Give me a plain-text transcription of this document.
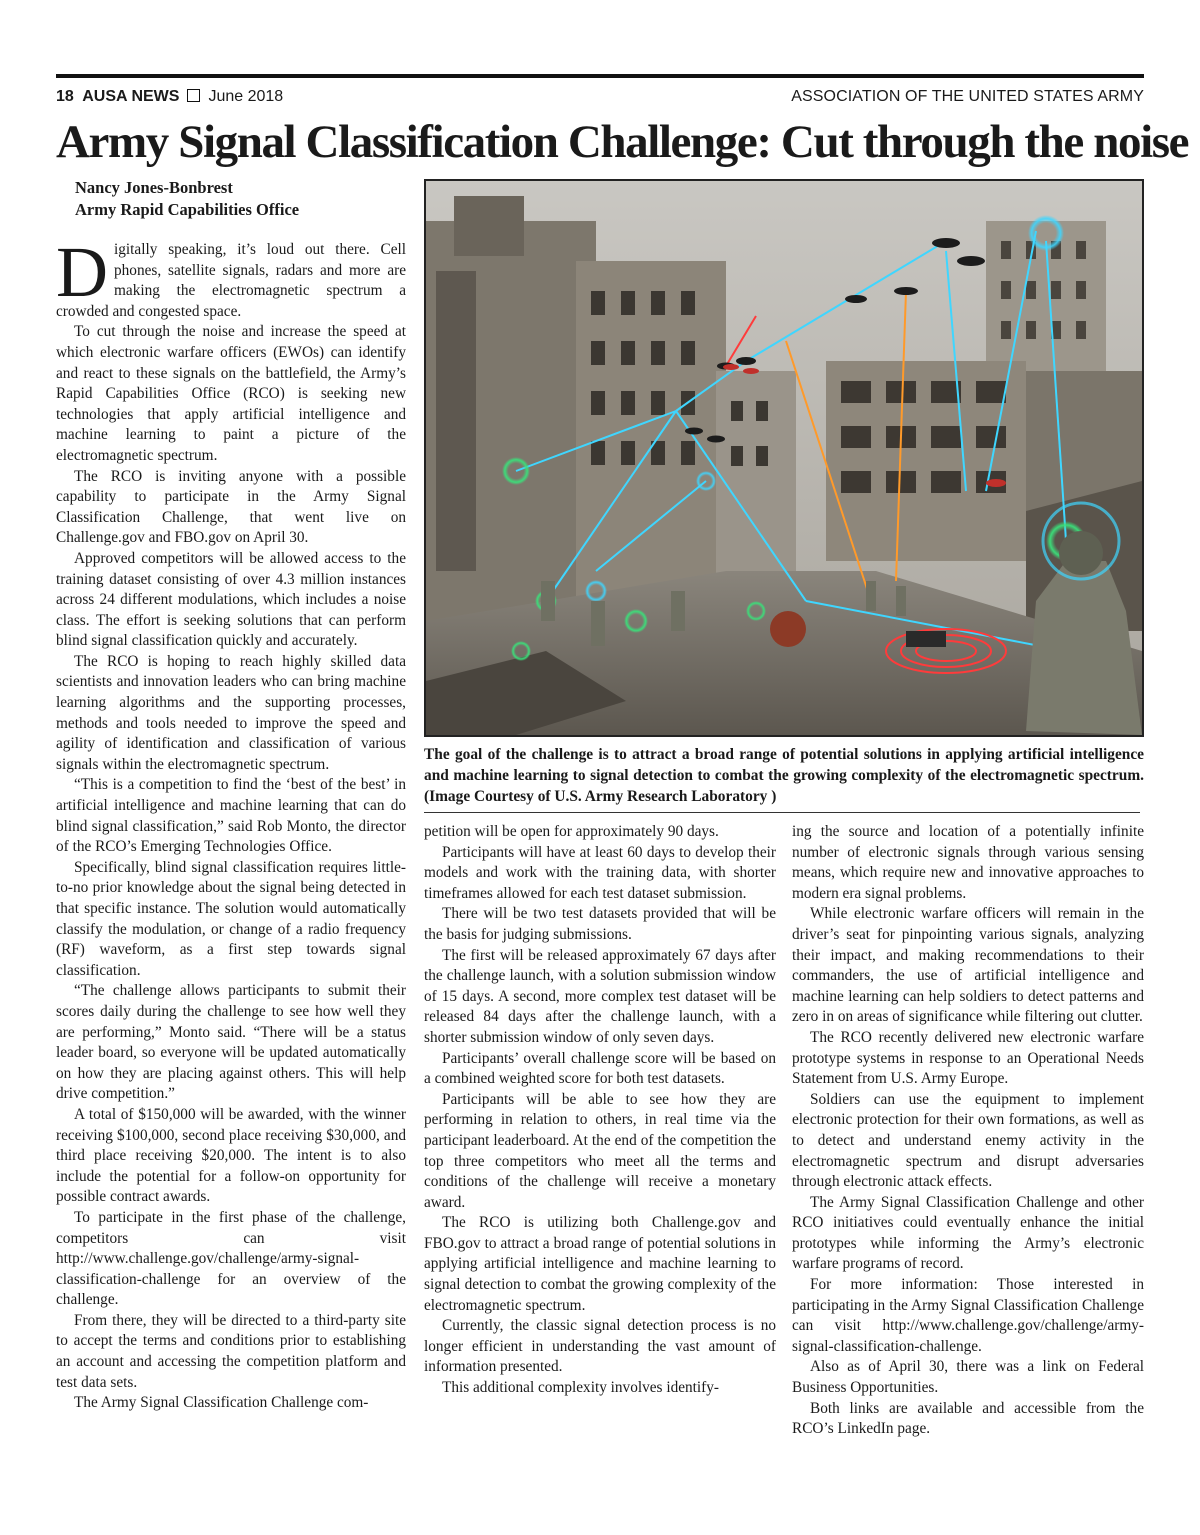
18 AUSA NEWS June 2018	ASSOCIATION OF THE UNITED STATES ARMY
Army Signal Classification Challenge: Cut through the noise
Nancy Jones-Bonbrest
Army Rapid Capabilities Office

Digitally speaking, it’s loud out there. Cell phones, satellite signals, radars and more are making the electromagnetic spectrum a crowded and congested space.

To cut through the noise and increase the speed at which electronic warfare officers (EWOs) can identify and react to these signals on the battlefield, the Army’s Rapid Capabilities Office (RCO) is seeking new technologies that apply artificial intelligence and machine learning to paint a picture of the electromagnetic spectrum.

The RCO is inviting anyone with a possible capability to participate in the Army Signal Classification Challenge, that went live on Challenge.gov and FBO.gov on April 30.

Approved competitors will be allowed access to the training dataset consisting of over 4.3 million instances across 24 different modulations, which includes a noise class. The effort is seeking solutions that can perform blind signal classification quickly and accurately.

The RCO is hoping to reach highly skilled data scientists and innovation leaders who can bring machine learning algorithms and the supporting processes, methods and tools needed to improve the speed and agility of identification and classification of various signals within the electromagnetic spectrum.

“This is a competition to find the ‘best of the best’ in artificial intelligence and machine learning that can do blind signal classification,” said Rob Monto, the director of the RCO’s Emerging Technologies Office.

Specifically, blind signal classification requires little-to-no prior knowledge about the signal being detected in that specific instance. The solution would automatically classify the modulation, or change of a radio frequency (RF) waveform, as a first step towards signal classification.

“The challenge allows participants to submit their scores daily during the challenge to see how well they are performing,” Monto said. “There will be a status leader board, so everyone will be updated automatically on how they are placing against others. This will help drive competition.”

A total of $150,000 will be awarded, with the winner receiving $100,000, second place receiving $30,000, and third place receiving $20,000. The intent is to also include the potential for a follow-on opportunity for possible contract awards.

To participate in the first phase of the challenge, competitors can visit http://www.challenge.gov/challenge/army-signal-classification-challenge for an overview of the challenge.

From there, they will be directed to a third-party site to accept the terms and conditions prior to establishing an account and accessing the competition platform and test data sets.

The Army Signal Classification Challenge com-

The goal of the challenge is to attract a broad range of potential solutions in applying artificial intelligence and machine learning to signal detection to combat the growing complexity of the electromagnetic spectrum. (Image Courtesy of U.S. Army Research Laboratory )

petition will be open for approximately 90 days.

Participants will have at least 60 days to develop their models and work with the training data, with shorter timeframes allowed for each test dataset submission.

There will be two test datasets provided that will be the basis for judging submissions.

The first will be released approximately 67 days after the challenge launch, with a solution submission window of 15 days. A second, more complex test dataset will be released 84 days after the challenge launch, with a shorter submission window of only seven days.

Participants’ overall challenge score will be based on a combined weighted score for both test datasets.

Participants will be able to see how they are performing in relation to others, in real time via the participant leaderboard. At the end of the competition the top three competitors who meet all the terms and conditions of the challenge will receive a monetary award.

The RCO is utilizing both Challenge.gov and FBO.gov to attract a broad range of potential solutions in applying artificial intelligence and machine learning to signal detection to combat the growing complexity of the electromagnetic spectrum.

Currently, the classic signal detection process is no longer efficient in understanding the vast amount of information presented.

This additional complexity involves identify-

ing the source and location of a potentially infinite number of electronic signals through various sensing means, which require new and innovative approaches to modern era signal problems.

While electronic warfare officers will remain in the driver’s seat for pinpointing various signals, analyzing their impact, and making recommendations to their commanders, the use of artificial intelligence and machine learning can help soldiers to detect patterns and zero in on areas of significance while filtering out clutter.

The RCO recently delivered new electronic warfare prototype systems in response to an Operational Needs Statement from U.S. Army Europe.

Soldiers can use the equipment to implement electronic protection for their own formations, as well as to detect and understand enemy activity in the electromagnetic spectrum and disrupt adversaries through electronic attack effects.

The Army Signal Classification Challenge and other RCO initiatives could eventually enhance the initial prototypes while informing the Army’s electronic warfare programs of record.

For more information: Those interested in participating in the Army Signal Classification Challenge can visit http://www.challenge.gov/challenge/army-signal-classification-challenge.

Also as of April 30, there was a link on Federal Business Opportunities.

Both links are available and accessible from the RCO’s LinkedIn page.
